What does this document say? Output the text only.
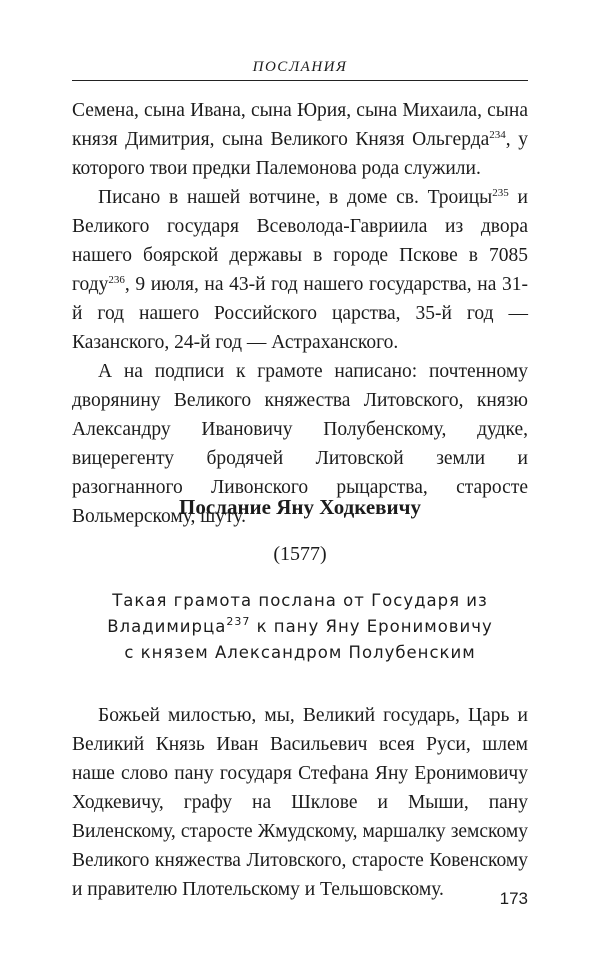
ПОСЛАНИЯ

Семена, сына Ивана, сына Юрия, сына Михаила, сына князя Димитрия, сына Великого Князя Ольгерда$^{234}$, у которого твои предки Палемонова рода служили.

Писано в нашей вотчине, в доме св. Троицы$^{235}$ и Великого государя Всеволода-Гавриила из двора нашего боярской державы в городе Пскове в 7085 году$^{236}$, 9 июля, на 43-й год нашего государства, на 31-й год нашего Российского царства, 35-й год — Казанского, 24-й год — Астраханского.

А на подписи к грамоте написано: почтенному дворянину Великого княжества Литовского, князю Александру Ивановичу Полубенскому, дудке, вицерегенту бродячей Литовской земли и разогнанного Ливонского рыцарства, старосте Вольмерскому, шуту.

Послание Яну Ходкевичу
(1577)
Такая грамота послана от Государя из
Владимирца$^{237}$ к пану Яну Еронимовичу
с князем Александром Полубенским

Божьей милостью, мы, Великий государь, Царь и Великий Князь Иван Васильевич всея Руси, шлем наше слово пану государя Стефана Яну Еронимовичу Ходкевичу, графу на Шклове и Мыши, пану Виленскому, старосте Жмудскому, маршалку земскому Великого княжества Литовского, старосте Ковенскому и правителю Плотельскому и Тельшовскому.	173
